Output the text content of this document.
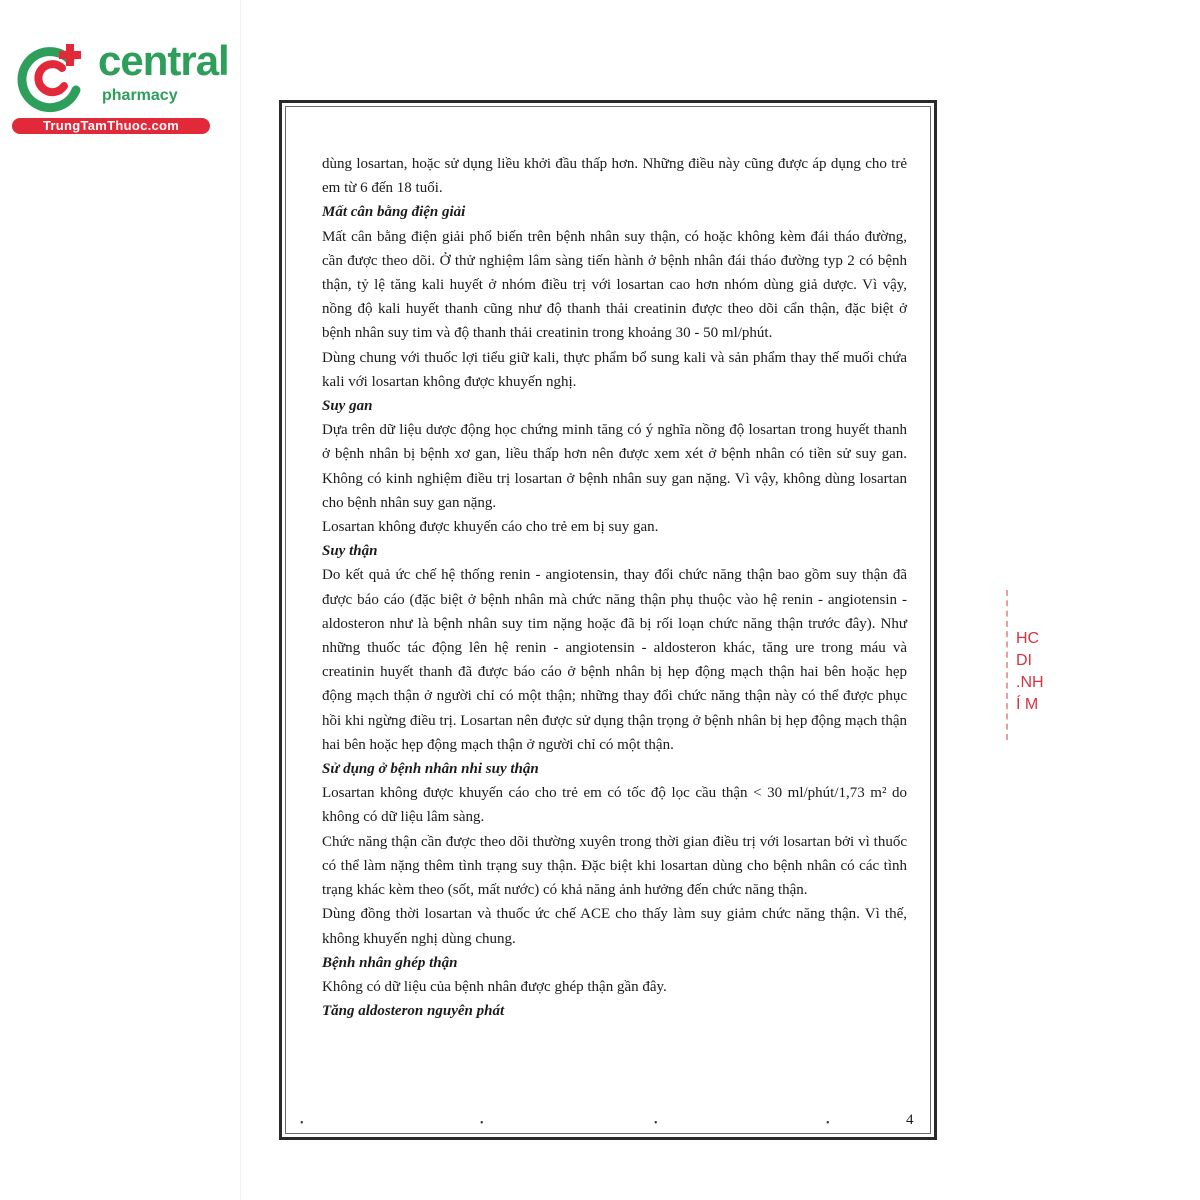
central
pharmacy
TrungTamThuoc.com

dùng losartan, hoặc sử dụng liều khởi đầu thấp hơn. Những điều này cũng được áp dụng cho trẻ em từ 6 đến 18 tuổi.

Mất cân bằng điện giải

Mất cân bằng điện giải phổ biến trên bệnh nhân suy thận, có hoặc không kèm đái tháo đường, cần được theo dõi. Ở thử nghiệm lâm sàng tiến hành ở bệnh nhân đái tháo đường typ 2 có bệnh thận, tỷ lệ tăng kali huyết ở nhóm điều trị với losartan cao hơn nhóm dùng giả dược. Vì vậy, nồng độ kali huyết thanh cũng như độ thanh thải creatinin được theo dõi cẩn thận, đặc biệt ở bệnh nhân suy tim và độ thanh thải creatinin trong khoảng 30 - 50 ml/phút.

Dùng chung với thuốc lợi tiểu giữ kali, thực phẩm bổ sung kali và sản phẩm thay thế muối chứa kali với losartan không được khuyến nghị.

Suy gan

Dựa trên dữ liệu dược động học chứng minh tăng có ý nghĩa nồng độ losartan trong huyết thanh ở bệnh nhân bị bệnh xơ gan, liều thấp hơn nên được xem xét ở bệnh nhân có tiền sử suy gan. Không có kinh nghiệm điều trị losartan ở bệnh nhân suy gan nặng. Vì vậy, không dùng losartan cho bệnh nhân suy gan nặng.

Losartan không được khuyến cáo cho trẻ em bị suy gan.

Suy thận

Do kết quả ức chế hệ thống renin - angiotensin, thay đổi chức năng thận bao gồm suy thận đã được báo cáo (đặc biệt ở bệnh nhân mà chức năng thận phụ thuộc vào hệ renin - angiotensin - aldosteron như là bệnh nhân suy tim nặng hoặc đã bị rối loạn chức năng thận trước đây). Như những thuốc tác động lên hệ renin - angiotensin - aldosteron khác, tăng ure trong máu và creatinin huyết thanh đã được báo cáo ở bệnh nhân bị hẹp động mạch thận hai bên hoặc hẹp động mạch thận ở người chỉ có một thận; những thay đổi chức năng thận này có thể được phục hồi khi ngừng điều trị. Losartan nên được sử dụng thận trọng ở bệnh nhân bị hẹp động mạch thận hai bên hoặc hẹp động mạch thận ở người chỉ có một thận.

Sử dụng ở bệnh nhân nhi suy thận

Losartan không được khuyến cáo cho trẻ em có tốc độ lọc cầu thận < 30 ml/phút/1,73 m² do không có dữ liệu lâm sàng.

Chức năng thận cần được theo dõi thường xuyên trong thời gian điều trị với losartan bởi vì thuốc có thể làm nặng thêm tình trạng suy thận. Đặc biệt khi losartan dùng cho bệnh nhân có các tình trạng khác kèm theo (sốt, mất nước) có khả năng ảnh hưởng đến chức năng thận.

Dùng đồng thời losartan và thuốc ức chế ACE cho thấy làm suy giảm chức năng thận. Vì thế, không khuyến nghị dùng chung.

Bệnh nhân ghép thận

Không có dữ liệu của bệnh nhân được ghép thận gần đây.

Tăng aldosteron nguyên phát
•	•	•	•	4
HC
DI
.NH
Í M
